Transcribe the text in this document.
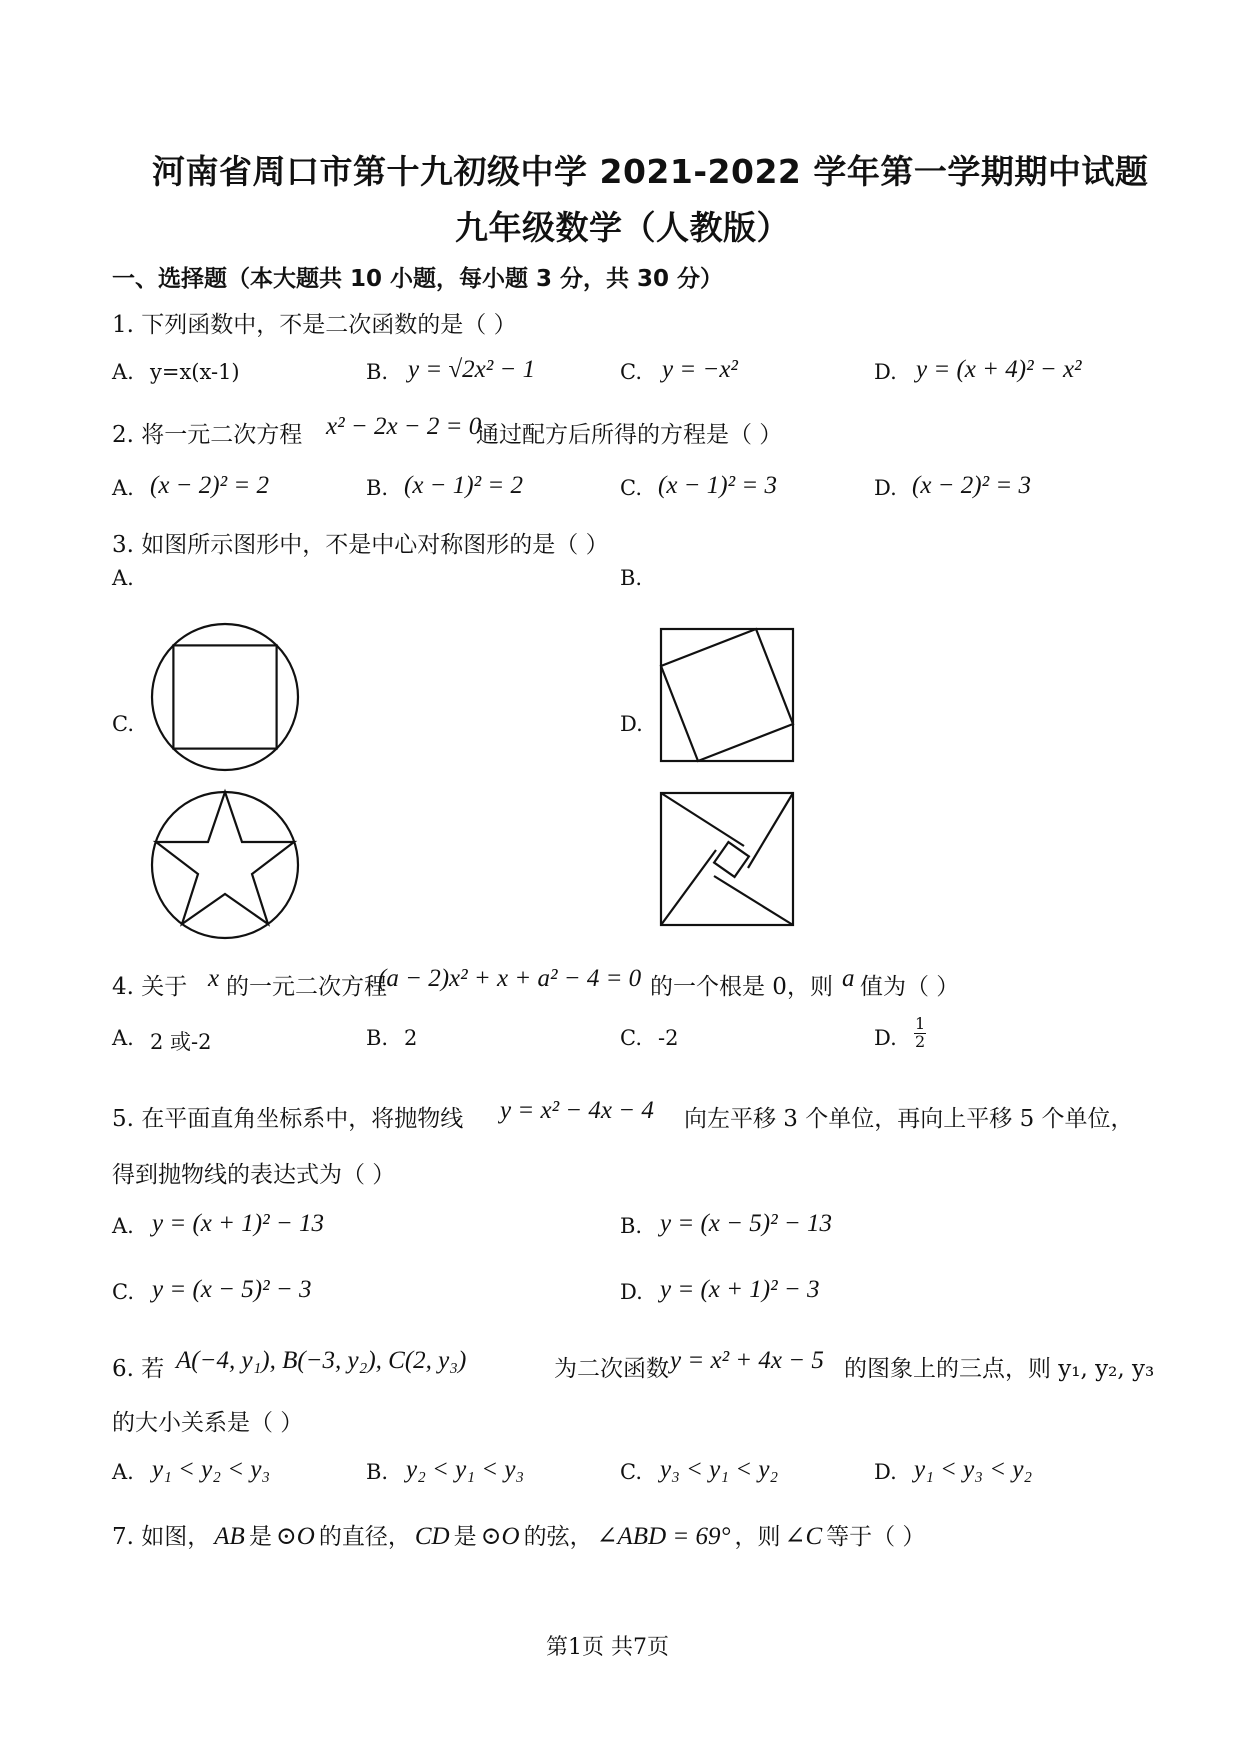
河南省周口市第十九初级中学 2021-2022 学年第一学期期中试题
九年级数学（人教版）
一、选择题（本大题共 10 小题，每小题 3 分，共 30 分）
1. 下列函数中，不是二次函数的是（ ）
A. y=x(x-1)	B. y = √2x² − 1	C. y = −x²	D. y = (x + 4)² − x²
2. 将一元二次方程 x² − 2x − 2 = 0
通过配方后所得的方程是（ ）
A. (x − 2)² = 2	B. (x − 1)² = 2	C. (x − 1)² = 3	D. (x − 2)² = 3
3. 如图所示图形中，不是中心对称图形的是（ ）
A.	B.
C.	D.
4. 关于 x 的一元二次方程
(a − 2)x² + x + a² − 4 = 0 的一个根是 0，则 a 值为（ ）
A. 2 或-2	B. 2	C. -2	D. $\frac{1}{2}$
5. 在平面直角坐标系中，将抛物线 y = x² − 4x − 4 向左平移 3 个单位，再向上平移 5 个单位，
得到抛物线的表达式为（ ）
A. y = (x + 1)² − 13	B. y = (x − 5)² − 13
C. y = (x − 5)² − 3	D. y = (x + 1)² − 3
6. 若 A(−4, y₁), B(−3, y₂), C(2, y₃)	为二次函数 y = x² + 4x − 5 的图象上的三点，则 y₁, y₂, y₃
的大小关系是（ ）
A. y₁ < y₂ < y₃	B. y₂ < y₁ < y₃	C. y₃ < y₁ < y₂	D. y₁ < y₃ < y₂
7. 如图， AB 是 ⊙O 的直径， CD 是 ⊙O 的弦， ∠ABD = 69° ，则 ∠C 等于（ ）
第1页 共7页
